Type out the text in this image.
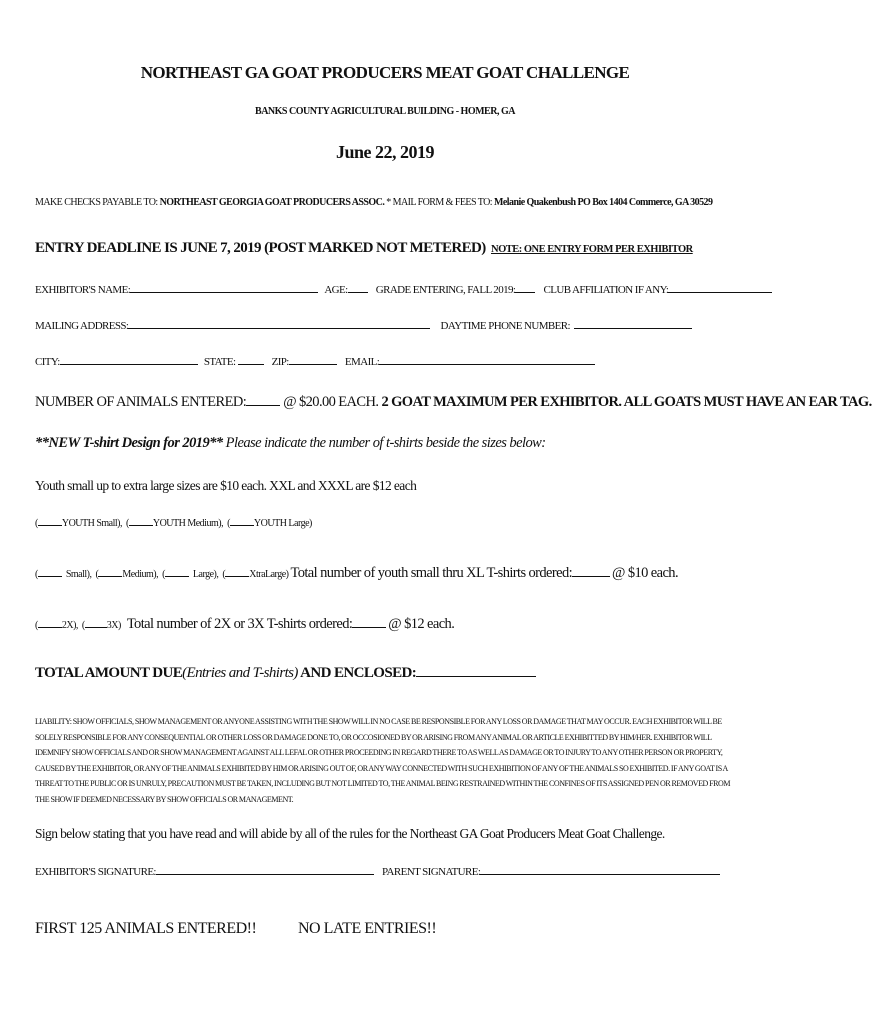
NORTHEAST GA GOAT PRODUCERS MEAT GOAT CHALLENGE
BANKS COUNTY AGRICULTURAL BUILDING - HOMER, GA
June 22, 2019
MAKE CHECKS PAYABLE TO: NORTHEAST GEORGIA GOAT PRODUCERS ASSOC. * MAIL FORM & FEES TO: Melanie Quakenbush PO Box 1404 Commerce, GA 30529
ENTRY DEADLINE IS JUNE 7, 2019 (POST MARKED NOT METERED) NOTE: ONE ENTRY FORM PER EXHIBITOR
EXHIBITOR'S NAME:	AGE:	GRADE ENTERING, FALL 2019:	CLUB AFFILIATION IF ANY:
MAILING ADDRESS:	DAYTIME PHONE NUMBER:
CITY:	STATE:	ZIP:	EMAIL:
NUMBER OF ANIMALS ENTERED:	@ $20.00 EACH. 2 GOAT MAXIMUM PER EXHIBITOR. ALL GOATS MUST HAVE AN EAR TAG.
**NEW T-shirt Design for 2019** Please indicate the number of t-shirts beside the sizes below:
Youth small up to extra large sizes are $10 each. XXL and XXXL are $12 each
( YOUTH Small),  ( YOUTH Medium),  ( YOUTH Large)
(	Small),  ( Medium),  (	Large),  ( XtraLarge) Total number of youth small thru XL T-shirts ordered:	@ $10 each.
( 2X),  ( 3X) Total number of 2X or 3X T-shirts ordered: @ $12 each.
TOTAL AMOUNT DUE(Entries and T-shirts) AND ENCLOSED:
LIABILITY: SHOW OFFICIALS, SHOW MANAGEMENT OR ANYONE ASSISTING WITH THE SHOW WILL IN NO CASE BE RESPONSIBLE FOR ANY LOSS OR DAMAGE THAT MAY OCCUR. EACH EXHIBITOR WILL BE SOLELY RESPONSIBLE FOR ANY CONSEQUENTIAL OR OTHER LOSS OR DAMAGE DONE TO, OR OCCOSIONED BY OR ARISING FROM ANY ANIMAL OR ARTICLE EXHIBITTED BY HIM/HER. EXHIBITOR WILL IDEMNIFY SHOW OFFICIALS AND OR SHOW MANAGEMENT AGAINST ALL LEFAL OR OTHER PROCEEDING IN REGARD THERE TO AS WELL AS DAMAGE OR TO INJURY TO ANY OTHER PERSON OR PROPERTY, CAUSED BY THE EXHIBITOR, OR ANY OF THE ANIMALS EXHIBITED BY HIM OR ARISING OUT OF, OR ANY WAY CONNECTED WITH SUCH EXHIBITION OF ANY OF THE ANIMALS SO EXHIBITED. IF ANY GOAT IS A THREAT TO THE PUBLIC OR IS UNRULY, PRECAUTION MUST BE TAKEN, INCLUDING BUT NOT LIMITED TO, THE ANIMAL BEING RESTRAINED WITHIN THE CONFINES OF ITS ASSIGNED PEN OR REMOVED FROM THE SHOW IF DEEMED NECESSARY BY SHOW OFFICIALS OR MANAGEMENT.
Sign below stating that you have read and will abide by all of the rules for the Northeast GA Goat Producers Meat Goat Challenge.
EXHIBITOR'S SIGNATURE:	PARENT SIGNATURE:
FIRST 125 ANIMALS ENTERED!!	NO LATE ENTRIES!!
